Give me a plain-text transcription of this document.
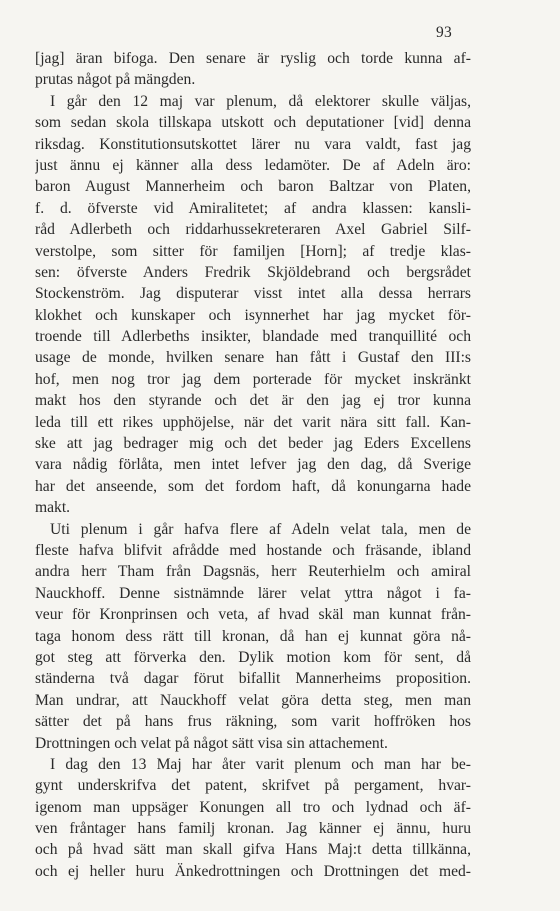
93
[jag] äran bifoga. Den senare är ryslig och torde kunna af-
prutas något på mängden.
I går den 12 maj var plenum, då elektorer skulle väljas,
som sedan skola tillskapa utskott och deputationer [vid] denna
riksdag. Konstitutionsutskottet lärer nu vara valdt, fast jag
just ännu ej känner alla dess ledamöter. De af Adeln äro:
baron August Mannerheim och baron Baltzar von Platen,
f. d. öfverste vid Amiralitetet; af andra klassen: kansli-
råd Adlerbeth och riddarhussekreteraren Axel Gabriel Silf-
verstolpe, som sitter för familjen [Horn]; af tredje klas-
sen: öfverste Anders Fredrik Skjöldebrand och bergsrådet
Stockenström. Jag disputerar visst intet alla dessa herrars
klokhet och kunskaper och isynnerhet har jag mycket för-
troende till Adlerbeths insikter, blandade med tranquillité och
usage de monde, hvilken senare han fått i Gustaf den III:s
hof, men nog tror jag dem porterade för mycket inskränkt
makt hos den styrande och det är den jag ej tror kunna
leda till ett rikes upphöjelse, när det varit nära sitt fall. Kan-
ske att jag bedrager mig och det beder jag Eders Excellens
vara nådig förlåta, men intet lefver jag den dag, då Sverige
har det anseende, som det fordom haft, då konungarna hade
makt.
Uti plenum i går hafva flere af Adeln velat tala, men de
fleste hafva blifvit afrådde med hostande och fräsande, ibland
andra herr Tham från Dagsnäs, herr Reuterhielm och amiral
Nauckhoff. Denne sistnämnde lärer velat yttra något i fa-
veur för Kronprinsen och veta, af hvad skäl man kunnat från-
taga honom dess rätt till kronan, då han ej kunnat göra nå-
got steg att förverka den. Dylik motion kom för sent, då
ständerna två dagar förut bifallit Mannerheims proposition.
Man undrar, att Nauckhoff velat göra detta steg, men man
sätter det på hans frus räkning, som varit hoffröken hos
Drottningen och velat på något sätt visa sin attachement.
I dag den 13 Maj har åter varit plenum och man har be-
gynt underskrifva det patent, skrifvet på pergament, hvar-
igenom man uppsäger Konungen all tro och lydnad och äf-
ven fråntager hans familj kronan. Jag känner ej ännu, huru
och på hvad sätt man skall gifva Hans Maj:t detta tillkänna,
och ej heller huru Änkedrottningen och Drottningen det med-
